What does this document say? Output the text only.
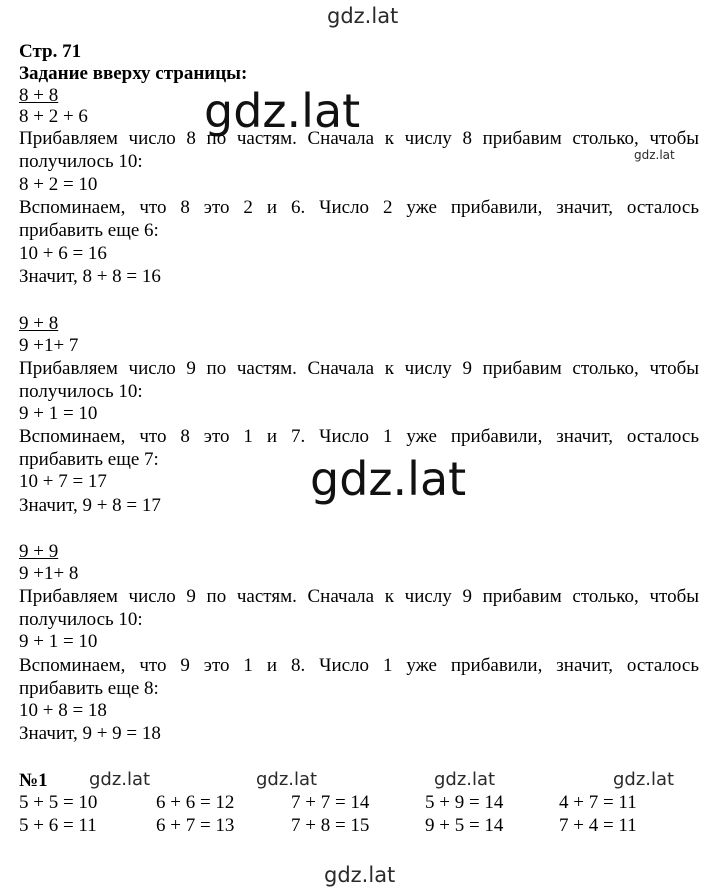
gdz.lat
gdz.lat
gdz.lat
gdz.lat
gdz.lat	gdz.lat	gdz.lat	gdz.lat
gdz.lat
Стр. 71
Задание вверху страницы:
8 + 8
8 + 2 + 6
Прибавляем число 8 по частям. Сначала к числу 8 прибавим столько, чтобы
получилось 10:
8 + 2 = 10
Вспоминаем, что 8 это 2 и 6. Число 2 уже прибавили, значит, осталось
прибавить еще 6:
10 + 6 = 16
Значит, 8 + 8 = 16
9 + 8
9 +1+ 7
Прибавляем число 9 по частям. Сначала к числу 9 прибавим столько, чтобы
получилось 10:
9 + 1 = 10
Вспоминаем, что 8 это 1 и 7. Число 1 уже прибавили, значит, осталось
прибавить еще 7:
10 + 7 = 17
Значит, 9 + 8 = 17
9 + 9
9 +1+ 8
Прибавляем число 9 по частям. Сначала к числу 9 прибавим столько, чтобы
получилось 10:
9 + 1 = 10
Вспоминаем, что 9 это 1 и 8. Число 1 уже прибавили, значит, осталось
прибавить еще 8:
10 + 8 = 18
Значит, 9 + 9 = 18
№1
5 + 5 = 10	6 + 6 = 12	7 + 7 = 14	5 + 9 = 14	4 + 7 = 11
5 + 6 = 11	6 + 7 = 13	7 + 8 = 15	9 + 5 = 14	7 + 4 = 11
